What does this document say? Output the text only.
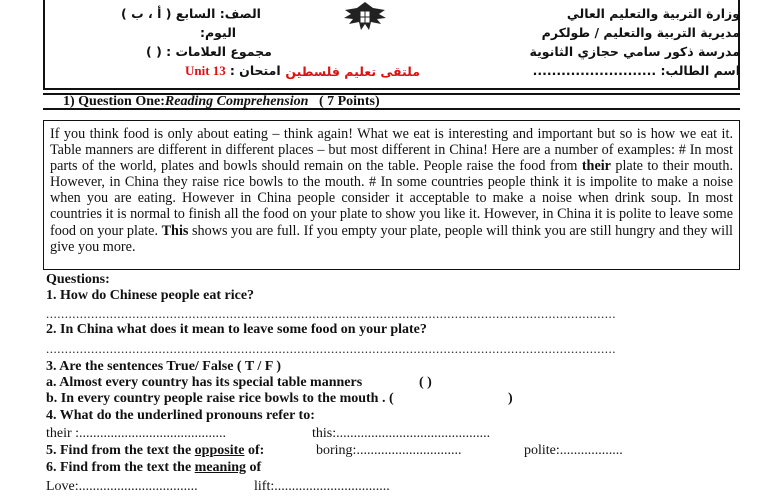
وزارة التربية والتعليم العالي
مديرية التربية والتعليم / طولكرم
مدرسة ذكور سامي حجازي الثانوية
اسم الطالب: ..........................
ملتقى تعليم فلسطين
الصف: السابع ( أ ، ب )
اليوم:
مجموع العلامات : ( )
Unit 13 امتحان :
1) Question One:Reading Comprehension ( 7 Points)
If you think food is only about eating – think again! What we eat is interesting and important but so is how we eat it. Table manners are different in different places – but most different in China! Here are a number of examples: # In most parts of the world, plates and bowls should remain on the table. People raise the food from their plate to their mouth. However, in China they raise rice bowls to the mouth. # In some countries people think it is impolite to make a noise when you are eating. However in China people consider it acceptable to make a noise when drink soup. In most countries it is normal to finish all the food on your plate to show you like it. However, in China it is polite to leave some food on your plate. This shows you are full. If you empty your plate, people will think you are still hungry and they will give you more.
Questions:
1. How do Chinese people eat rice?
........................................................................................................................................................
2. In China what does it mean to leave some food on your plate?
........................................................................................................................................................
3. Are the sentences True/ False ( T / F )
a. Almost every country has its special table manners	( )
b. In every country people raise rice bowls to the mouth . (	)
4. What do the underlined pronouns refer to:
their :..........................................	this:............................................
5. Find from the text the opposite of:	boring:..............................	polite:..................
6. Find from the text the meaning of
Love:..................................	lift:.................................
